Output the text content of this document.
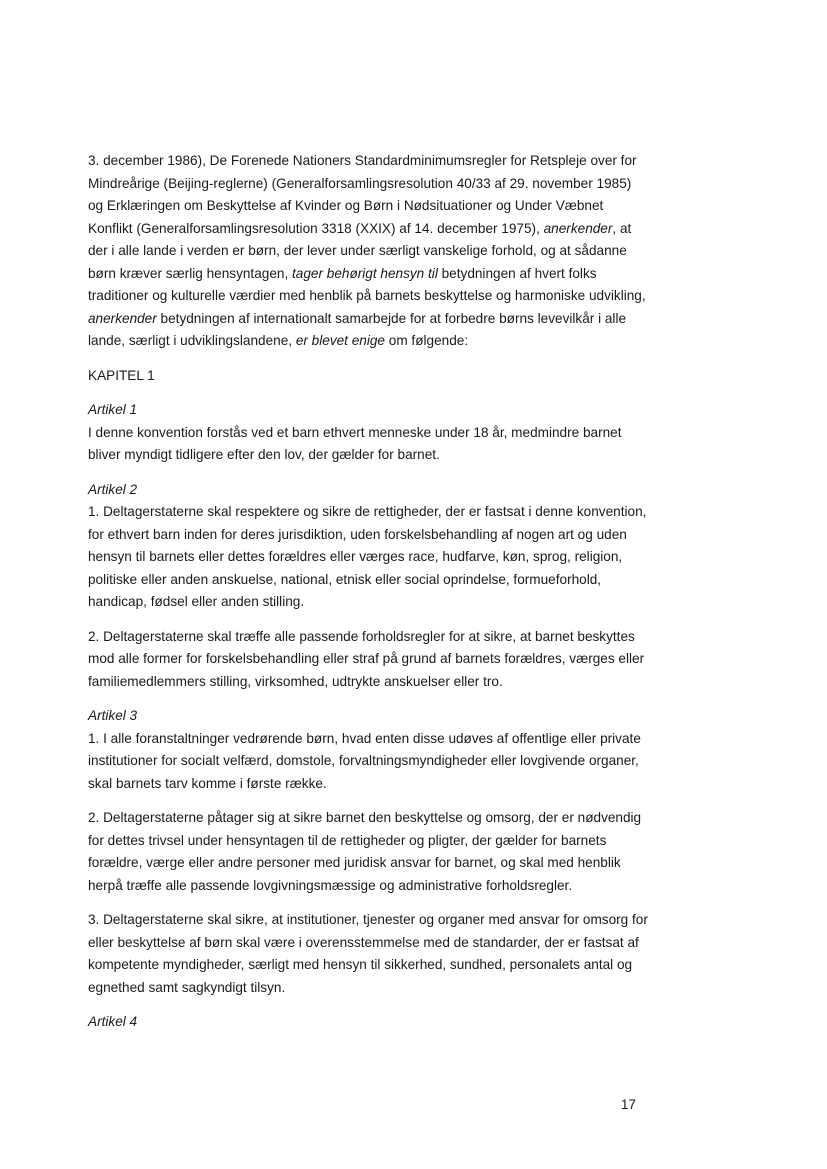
3. december 1986), De Forenede Nationers Standardminimumsregler for Retspleje over for Mindreårige (Beijing-reglerne) (Generalforsamlingsresolution 40/33 af 29. november 1985) og Erklæringen om Beskyttelse af Kvinder og Børn i Nødsituationer og Under Væbnet Konflikt (Generalforsamlingsresolution 3318 (XXIX) af 14. december 1975), anerkender, at der i alle lande i verden er børn, der lever under særligt vanskelige forhold, og at sådanne børn kræver særlig hensyntagen, tager behørigt hensyn til betydningen af hvert folks traditioner og kulturelle værdier med henblik på barnets beskyttelse og harmoniske udvikling, anerkender betydningen af internationalt samarbejde for at forbedre børns levevilkår i alle lande, særligt i udviklingslandene, er blevet enige om følgende:

KAPITEL 1

Artikel 1

I denne konvention forstås ved et barn ethvert menneske under 18 år, medmindre barnet bliver myndigt tidligere efter den lov, der gælder for barnet.

Artikel 2

1. Deltagerstaterne skal respektere og sikre de rettigheder, der er fastsat i denne konvention, for ethvert barn inden for deres jurisdiktion, uden forskelsbehandling af nogen art og uden hensyn til barnets eller dettes forældres eller værges race, hudfarve, køn, sprog, religion, politiske eller anden anskuelse, national, etnisk eller social oprindelse, formueforhold, handicap, fødsel eller anden stilling.

2. Deltagerstaterne skal træffe alle passende forholdsregler for at sikre, at barnet beskyttes mod alle former for forskelsbehandling eller straf på grund af barnets forældres, værges eller familiemedlemmers stilling, virksomhed, udtrykte anskuelser eller tro.

Artikel 3

1. I alle foranstaltninger vedrørende børn, hvad enten disse udøves af offentlige eller private institutioner for socialt velfærd, domstole, forvaltningsmyndigheder eller lovgivende organer, skal barnets tarv komme i første række.

2. Deltagerstaterne påtager sig at sikre barnet den beskyttelse og omsorg, der er nødvendig for dettes trivsel under hensyntagen til de rettigheder og pligter, der gælder for barnets forældre, værge eller andre personer med juridisk ansvar for barnet, og skal med henblik herpå træffe alle passende lovgivningsmæssige og administrative forholdsregler.

3. Deltagerstaterne skal sikre, at institutioner, tjenester og organer med ansvar for omsorg for eller beskyttelse af børn skal være i overensstemmelse med de standarder, der er fastsat af kompetente myndigheder, særligt med hensyn til sikkerhed, sundhed, personalets antal og egnethed samt sagkyndigt tilsyn.

Artikel 4

17
